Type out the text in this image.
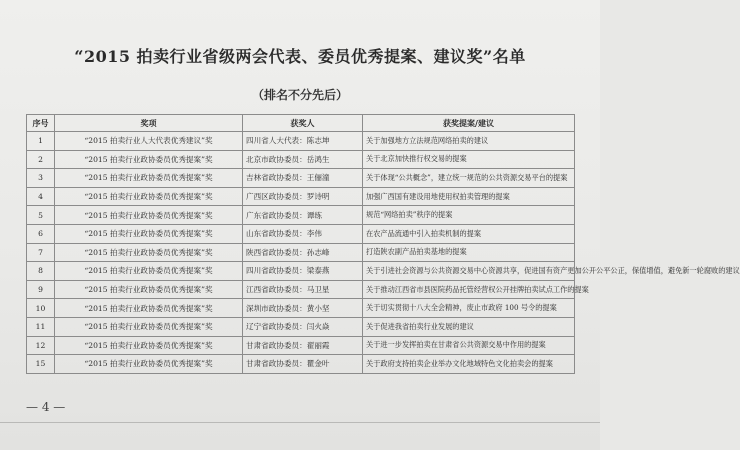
“2015 拍卖行业省级两会代表、委员优秀提案、建议奖”名单
（排名不分先后）
序号	奖项	获奖人	获奖提案/建议
1	“2015 拍卖行业人大代表优秀建议”奖	四川省人大代表：陈志坤	关于加强地方立法规范网络拍卖的建议
2	“2015 拍卖行业政协委员优秀提案”奖	北京市政协委员：岳鸿生	关于北京加快推行权交易的提案
3	“2015 拍卖行业政协委员优秀提案”奖	吉林省政协委员：王俪潼	关于体现“公共概念”，建立统一规范的公共资源交易平台的提案
4	“2015 拍卖行业政协委员优秀提案”奖	广西区政协委员：罗诗明	加强广西国有建设用地使用权拍卖管理的提案
5	“2015 拍卖行业政协委员优秀提案”奖	广东省政协委员：谭练	规范“网络拍卖”秩序的提案
6	“2015 拍卖行业政协委员优秀提案”奖	山东省政协委员：李伟	在农产品流通中引入拍卖机制的提案
7	“2015 拍卖行业政协委员优秀提案”奖	陕西省政协委员：孙志峰	打造陕农副产品拍卖基地的提案
8	“2015 拍卖行业政协委员优秀提案”奖	四川省政协委员：梁泰燕	关于引进社会资源与公共资源交易中心资源共享，促进国有资产更加公开公平公正，保值增值，避免新一轮腐败的建议
9	“2015 拍卖行业政协委员优秀提案”奖	江西省政协委员：马卫星	关于推动江西省市县医院药品托管经营权公开挂牌拍卖试点工作的提案
10	“2015 拍卖行业政协委员优秀提案”奖	深圳市政协委员：黄小坚	关于切实贯彻十八大全会精神，废止市政府 100 号令的提案
11	“2015 拍卖行业政协委员优秀提案”奖	辽宁省政协委员：闫火焱	关于促进我省拍卖行业发展的建议
12	“2015 拍卖行业政协委员优秀提案”奖	甘肃省政协委员：翟丽霞	关于进一步发挥拍卖在甘肃省公共资源交易中作用的提案
15	“2015 拍卖行业政协委员优秀提案”奖	甘肃省政协委员：瞿金叶	关于政府支持拍卖企业举办文化地域特色文化拍卖会的提案
— 4 —
